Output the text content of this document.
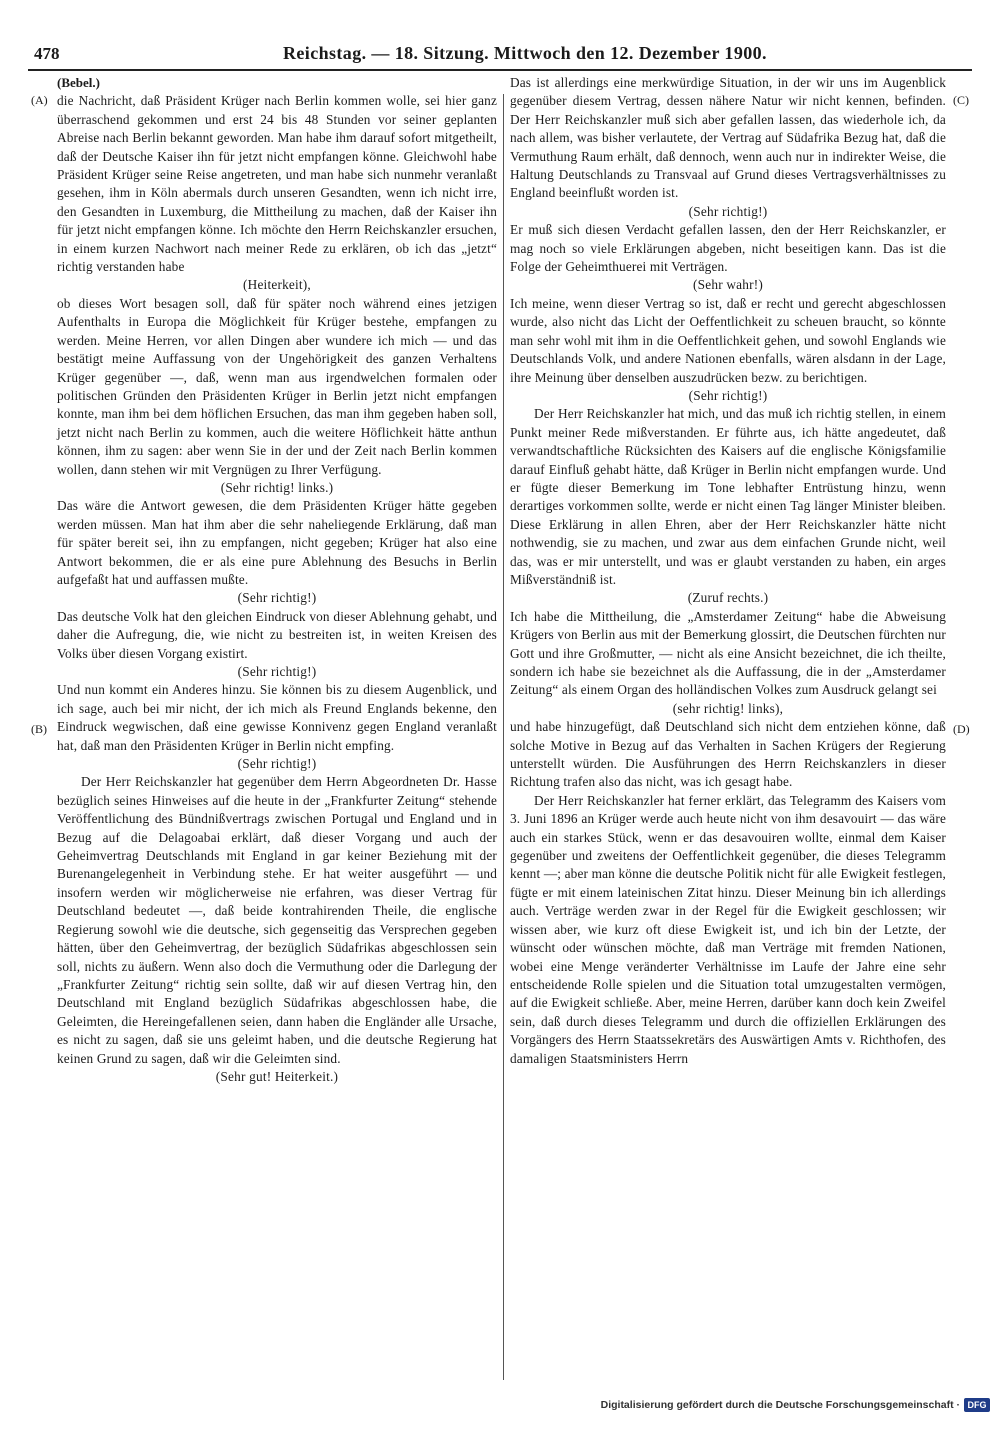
478	Reichstag. — 18. Sitzung. Mittwoch den 12. Dezember 1900.
(A)
(B)
(C)
(D)

(Bebel.)

die Nachricht, daß Präsident Krüger nach Berlin kommen wolle, sei hier ganz überraschend gekommen und erst 24 bis 48 Stunden vor seiner geplanten Abreise nach Berlin bekannt geworden. Man habe ihm darauf sofort mitgetheilt, daß der Deutsche Kaiser ihn für jetzt nicht empfangen könne. Gleichwohl habe Präsident Krüger seine Reise angetreten, und man habe sich nunmehr veranlaßt gesehen, ihm in Köln abermals durch unseren Gesandten, wenn ich nicht irre, den Gesandten in Luxemburg, die Mittheilung zu machen, daß der Kaiser ihn für jetzt nicht empfangen könne. Ich möchte den Herrn Reichskanzler ersuchen, in einem kurzen Nachwort nach meiner Rede zu erklären, ob ich das „jetzt“ richtig verstanden habe

(Heiterkeit),

ob dieses Wort besagen soll, daß für später noch während eines jetzigen Aufenthalts in Europa die Möglichkeit für Krüger bestehe, empfangen zu werden. Meine Herren, vor allen Dingen aber wundere ich mich — und das bestätigt meine Auffassung von der Ungehörigkeit des ganzen Verhaltens Krüger gegenüber —, daß, wenn man aus irgendwelchen formalen oder politischen Gründen den Präsidenten Krüger in Berlin jetzt nicht empfangen konnte, man ihm bei dem höflichen Ersuchen, das man ihm gegeben haben soll, jetzt nicht nach Berlin zu kommen, auch die weitere Höflichkeit hätte anthun können, ihm zu sagen: aber wenn Sie in der und der Zeit nach Berlin kommen wollen, dann stehen wir mit Vergnügen zu Ihrer Verfügung.

(Sehr richtig! links.)

Das wäre die Antwort gewesen, die dem Präsidenten Krüger hätte gegeben werden müssen. Man hat ihm aber die sehr naheliegende Erklärung, daß man für später bereit sei, ihn zu empfangen, nicht gegeben; Krüger hat also eine Antwort bekommen, die er als eine pure Ablehnung des Besuchs in Berlin aufgefaßt hat und auffassen mußte.

(Sehr richtig!)

Das deutsche Volk hat den gleichen Eindruck von dieser Ablehnung gehabt, und daher die Aufregung, die, wie nicht zu bestreiten ist, in weiten Kreisen des Volks über diesen Vorgang existirt.

(Sehr richtig!)

Und nun kommt ein Anderes hinzu. Sie können bis zu diesem Augenblick, und ich sage, auch bei mir nicht, der ich mich als Freund Englands bekenne, den Eindruck wegwischen, daß eine gewisse Konnivenz gegen England veranlaßt hat, daß man den Präsidenten Krüger in Berlin nicht empfing.

(Sehr richtig!)

Der Herr Reichskanzler hat gegenüber dem Herrn Abgeordneten Dr. Hasse bezüglich seines Hinweises auf die heute in der „Frankfurter Zeitung“ stehende Veröffentlichung des Bündnißvertrags zwischen Portugal und England und in Bezug auf die Delagoabai erklärt, daß dieser Vorgang und auch der Geheimvertrag Deutschlands mit England in gar keiner Beziehung mit der Burenangelegenheit in Verbindung stehe. Er hat weiter ausgeführt — und insofern werden wir möglicherweise nie erfahren, was dieser Vertrag für Deutschland bedeutet —, daß beide kontrahirenden Theile, die englische Regierung sowohl wie die deutsche, sich gegenseitig das Versprechen gegeben hätten, über den Geheimvertrag, der bezüglich Südafrikas abgeschlossen sein soll, nichts zu äußern. Wenn also doch die Vermuthung oder die Darlegung der „Frankfurter Zeitung“ richtig sein sollte, daß wir auf diesen Vertrag hin, den Deutschland mit England bezüglich Südafrikas abgeschlossen habe, die Geleimten, die Hereingefallenen seien, dann haben die Engländer alle Ursache, es nicht zu sagen, daß sie uns geleimt haben, und die deutsche Regierung hat keinen Grund zu sagen, daß wir die Geleimten sind.

(Sehr gut! Heiterkeit.)

Das ist allerdings eine merkwürdige Situation, in der wir uns im Augenblick gegenüber diesem Vertrag, dessen nähere Natur wir nicht kennen, befinden. Der Herr Reichskanzler muß sich aber gefallen lassen, das wiederhole ich, da nach allem, was bisher verlautete, der Vertrag auf Südafrika Bezug hat, daß die Vermuthung Raum erhält, daß dennoch, wenn auch nur in indirekter Weise, die Haltung Deutschlands zu Transvaal auf Grund dieses Vertragsverhältnisses zu England beeinflußt worden ist.

(Sehr richtig!)

Er muß sich diesen Verdacht gefallen lassen, den der Herr Reichskanzler, er mag noch so viele Erklärungen abgeben, nicht beseitigen kann. Das ist die Folge der Geheimthuerei mit Verträgen.

(Sehr wahr!)

Ich meine, wenn dieser Vertrag so ist, daß er recht und gerecht abgeschlossen wurde, also nicht das Licht der Oeffentlichkeit zu scheuen braucht, so könnte man sehr wohl mit ihm in die Oeffentlichkeit gehen, und sowohl Englands wie Deutschlands Volk, und andere Nationen ebenfalls, wären alsdann in der Lage, ihre Meinung über denselben auszudrücken bezw. zu berichtigen.

(Sehr richtig!)

Der Herr Reichskanzler hat mich, und das muß ich richtig stellen, in einem Punkt meiner Rede mißverstanden. Er führte aus, ich hätte angedeutet, daß verwandtschaftliche Rücksichten des Kaisers auf die englische Königsfamilie darauf Einfluß gehabt hätte, daß Krüger in Berlin nicht empfangen wurde. Und er fügte dieser Bemerkung im Tone lebhafter Entrüstung hinzu, wenn derartiges vorkommen sollte, werde er nicht einen Tag länger Minister bleiben. Diese Erklärung in allen Ehren, aber der Herr Reichskanzler hätte nicht nothwendig, sie zu machen, und zwar aus dem einfachen Grunde nicht, weil das, was er mir unterstellt, und was er glaubt verstanden zu haben, ein arges Mißverständniß ist.

(Zuruf rechts.)

Ich habe die Mittheilung, die „Amsterdamer Zeitung“ habe die Abweisung Krügers von Berlin aus mit der Bemerkung glossirt, die Deutschen fürchten nur Gott und ihre Großmutter, — nicht als eine Ansicht bezeichnet, die ich theilte, sondern ich habe sie bezeichnet als die Auffassung, die in der „Amsterdamer Zeitung“ als einem Organ des holländischen Volkes zum Ausdruck gelangt sei

(sehr richtig! links),

und habe hinzugefügt, daß Deutschland sich nicht dem entziehen könne, daß solche Motive in Bezug auf das Verhalten in Sachen Krügers der Regierung unterstellt würden. Die Ausführungen des Herrn Reichskanzlers in dieser Richtung trafen also das nicht, was ich gesagt habe.

Der Herr Reichskanzler hat ferner erklärt, das Telegramm des Kaisers vom 3. Juni 1896 an Krüger werde auch heute nicht von ihm desavouirt — das wäre auch ein starkes Stück, wenn er das desavouiren wollte, einmal dem Kaiser gegenüber und zweitens der Oeffentlichkeit gegenüber, die dieses Telegramm kennt —; aber man könne die deutsche Politik nicht für alle Ewigkeit festlegen, fügte er mit einem lateinischen Zitat hinzu. Dieser Meinung bin ich allerdings auch. Verträge werden zwar in der Regel für die Ewigkeit geschlossen; wir wissen aber, wie kurz oft diese Ewigkeit ist, und ich bin der Letzte, der wünscht oder wünschen möchte, daß man Verträge mit fremden Nationen, wobei eine Menge veränderter Verhältnisse im Laufe der Jahre eine sehr entscheidende Rolle spielen und die Situation total umzugestalten vermögen, auf die Ewigkeit schließe. Aber, meine Herren, darüber kann doch kein Zweifel sein, daß durch dieses Telegramm und durch die offiziellen Erklärungen des Vorgängers des Herrn Staatssekretärs des Auswärtigen Amts v. Richthofen, des damaligen Staatsministers Herrn

Digitalisierung gefördert durch die Deutsche Forschungsgemeinschaft · DFG
